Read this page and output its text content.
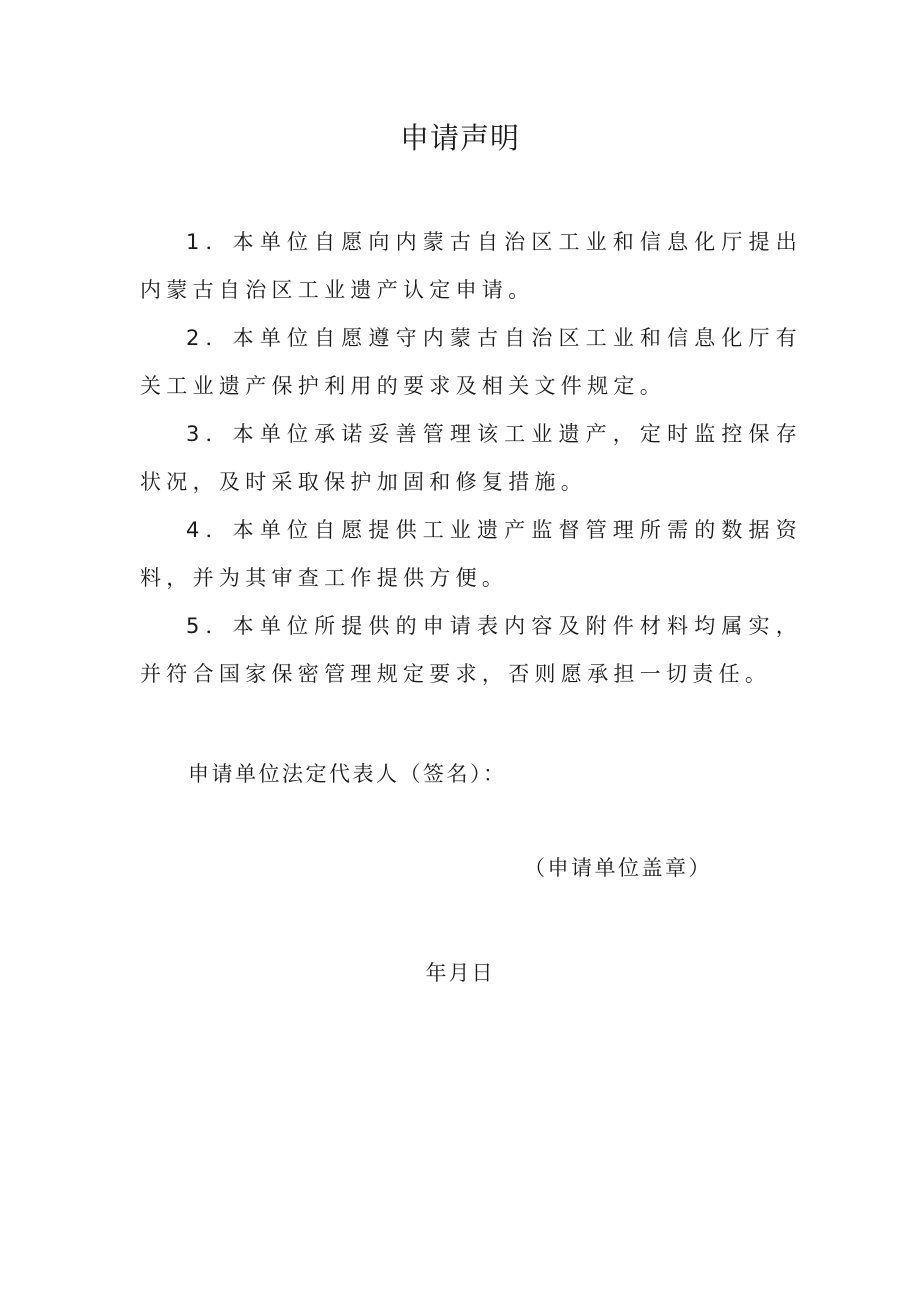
申请声明
1．本单位自愿向内蒙古自治区工业和信息化厅提出内蒙古自治区工业遗产认定申请。
2．本单位自愿遵守内蒙古自治区工业和信息化厅有关工业遗产保护利用的要求及相关文件规定。
3．本单位承诺妥善管理该工业遗产，定时监控保存状况，及时采取保护加固和修复措施。
4．本单位自愿提供工业遗产监督管理所需的数据资料，并为其审查工作提供方便。
5．本单位所提供的申请表内容及附件材料均属实，并符合国家保密管理规定要求，否则愿承担一切责任。

申请单位法定代表人（签名）：

（申请单位盖章）

年月日
